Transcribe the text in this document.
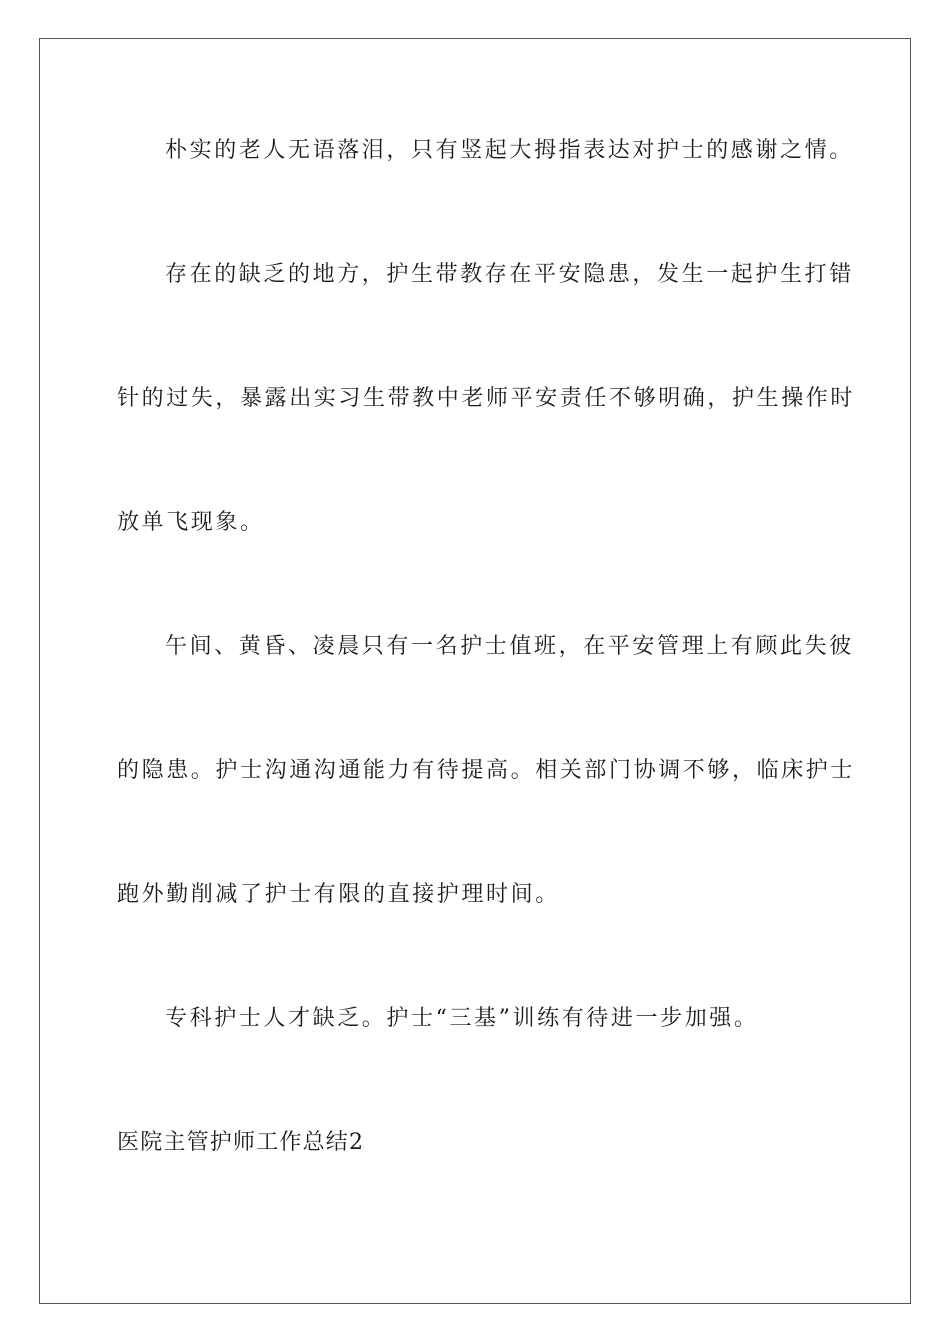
朴实的老人无语落泪，只有竖起大拇指表达对护士的感谢之情。
存在的缺乏的地方，护生带教存在平安隐患，发生一起护生打错
针的过失，暴露出实习生带教中老师平安责任不够明确，护生操作时
放单飞现象。
午间、黄昏、凌晨只有一名护士值班，在平安管理上有顾此失彼
的隐患。护士沟通沟通能力有待提高。相关部门协调不够，临床护士
跑外勤削减了护士有限的直接护理时间。
专科护士人才缺乏。护士“三基”训练有待进一步加强。
医院主管护师工作总结2
